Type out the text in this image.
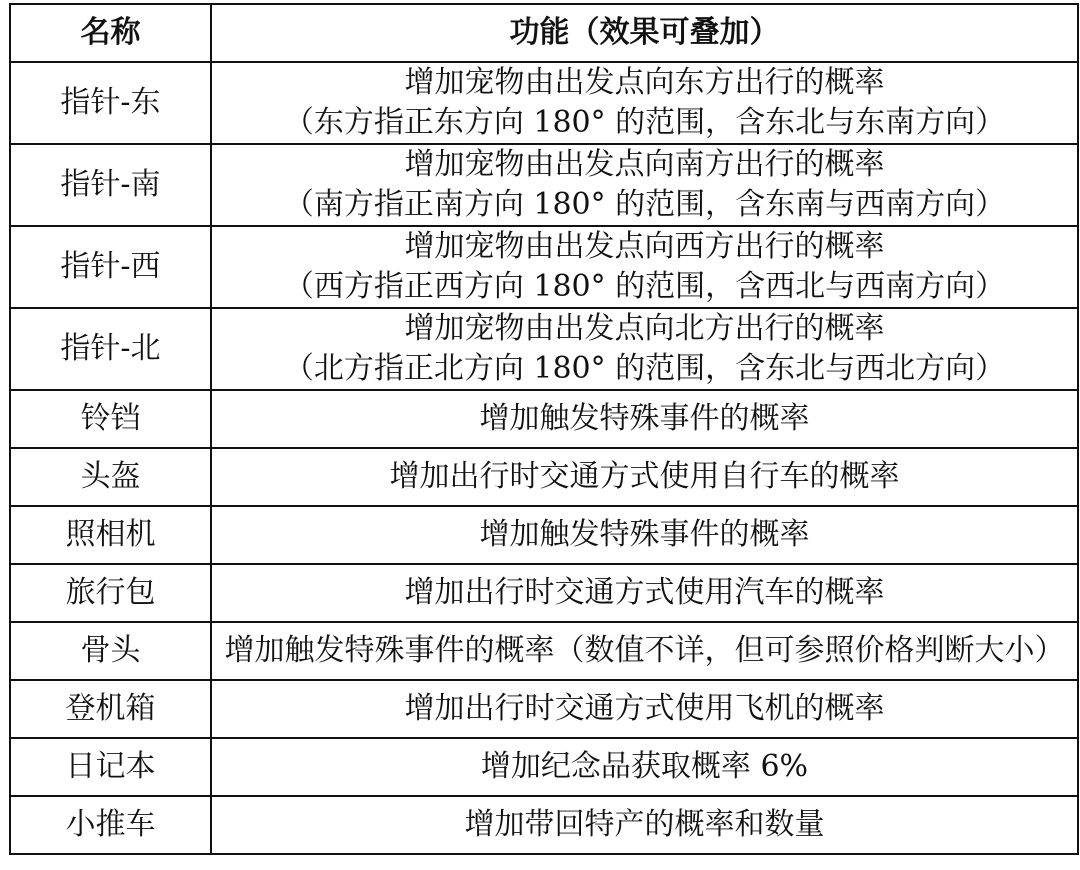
名称	功能（效果可叠加）
指针-东	增加宠物由出发点向东方出行的概率
（东方指正东方向 180° 的范围，含东北与东南方向）

指针-南	增加宠物由出发点向南方出行的概率
（南方指正南方向 180° 的范围，含东南与西南方向）

指针-西	增加宠物由出发点向西方出行的概率
（西方指正西方向 180° 的范围，含西北与西南方向）

指针-北	增加宠物由出发点向北方出行的概率
（北方指正北方向 180° 的范围，含东北与西北方向）

铃铛	增加触发特殊事件的概率
头盔	增加出行时交通方式使用自行车的概率
照相机	增加触发特殊事件的概率
旅行包	增加出行时交通方式使用汽车的概率
骨头	增加触发特殊事件的概率（数值不详，但可参照价格判断大小）
登机箱	增加出行时交通方式使用飞机的概率
日记本	增加纪念品获取概率 6%
小推车	增加带回特产的概率和数量
